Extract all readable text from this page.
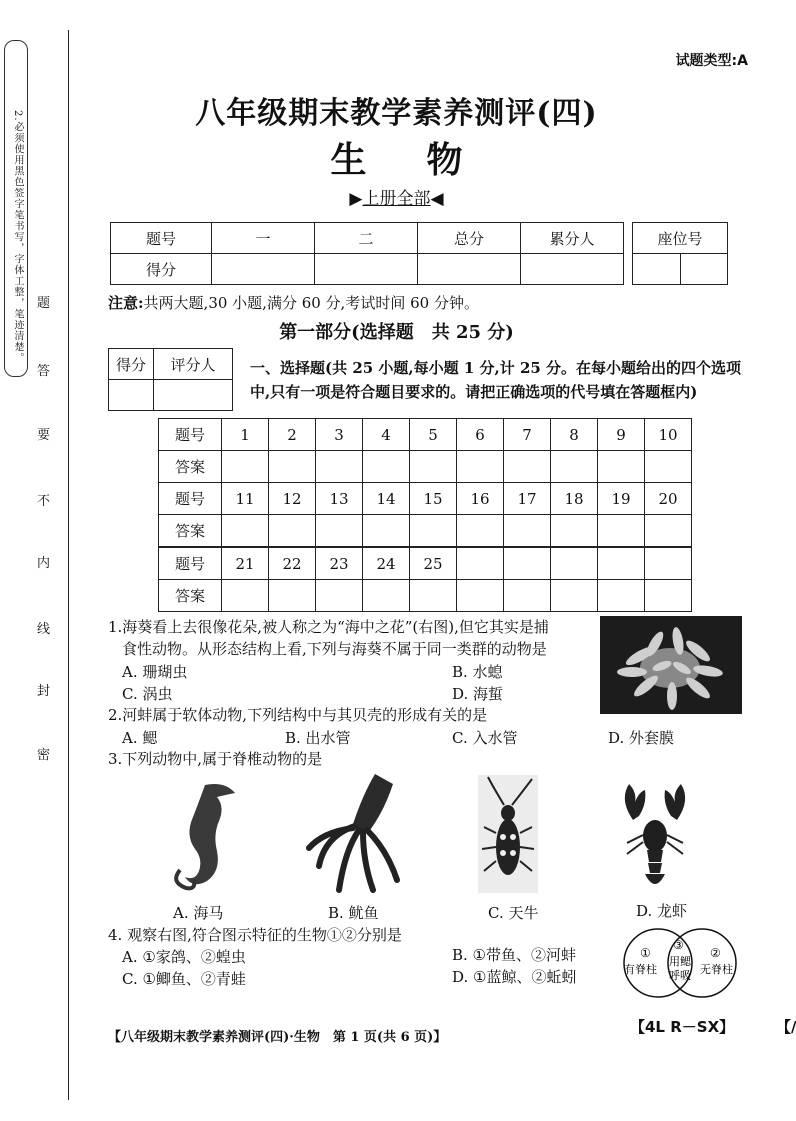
2.必须使用黑色签字笔书写，字体工整，笔迹清楚。 题
答
要
不
内
线
封
密
试题类型:A
八年级期末教学素养测评(四)
生物
▶上册全部◀
题号	一	二	总分	累分人
得分				
座位号

注意:共两大题,30 小题,满分 60 分,考试时间 60 分钟。
第一部分(选择题　共 25 分)
得分	评分人
	一、选择题(共 25 小题,每小题 1 分,计 25 分。在每小题给出的四个选项中,只有一项是符合题目要求的。请把正确选项的代号填在答题框内)
题号	1	2	3	4	5	6	7	8	9	10
答案										
题号	11	12	13	14	15	16	17	18	19	20
答案										
题号	21	22	23	24	25					
答案										
1.海葵看上去很像花朵,被人称之为“海中之花”(右图),但它其实是捕
食性动物。从形态结构上看,下列与海葵不属于同一类群的动物是
A. 珊瑚虫	B. 水螅
C. 涡虫	D. 海蜇
2.河蚌属于软体动物,下列结构中与其贝壳的形成有关的是
A. 鳃	B. 出水管	C. 入水管	D. 外套膜
3.下列动物中,属于脊椎动物的是
A. 海马	B. 鱿鱼	C. 天牛	D. 龙虾
4. 观察右图,符合图示特征的生物①②分别是
A. ①家鸽、②蝗虫	B. ①带鱼、②河蚌
C. ①鲫鱼、②青蛙	D. ①蓝鲸、②蚯蚓
①
有脊柱
③
用鳃
呼吸
②
无脊柱
【八年级期末教学素养测评(四)·生物　第 1 页(共 6 页)】
【4L R－SX】	【/
